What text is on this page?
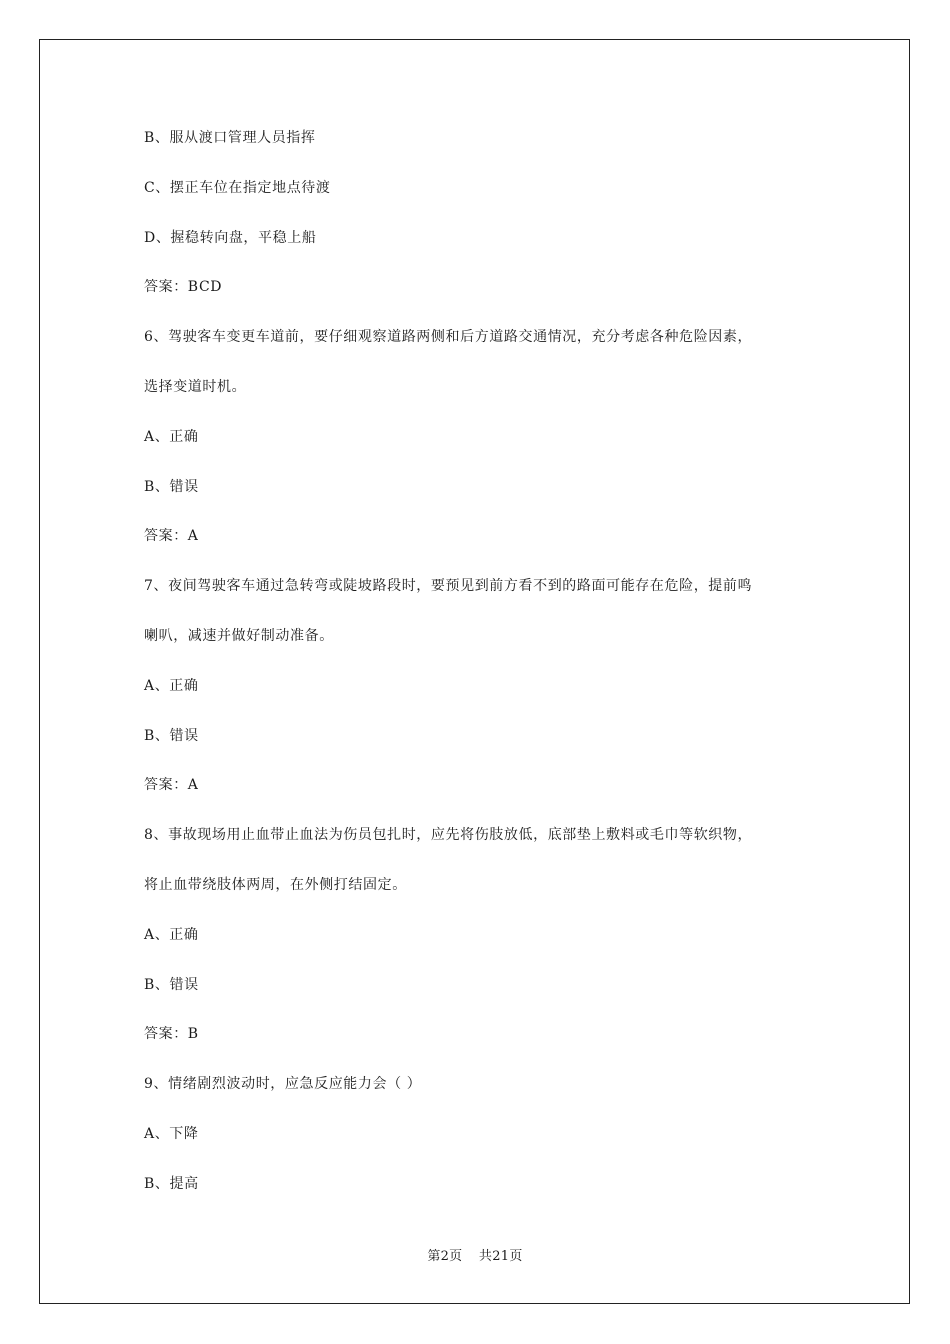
B、服从渡口管理人员指挥

C、摆正车位在指定地点待渡

D、握稳转向盘，平稳上船

答案：BCD

6、驾驶客车变更车道前，要仔细观察道路两侧和后方道路交通情况，充分考虑各种危险因素，

选择变道时机。

A、正确

B、错误

答案：A

7、夜间驾驶客车通过急转弯或陡坡路段时，要预见到前方看不到的路面可能存在危险，提前鸣

喇叭，减速并做好制动准备。

A、正确

B、错误

答案：A

8、事故现场用止血带止血法为伤员包扎时，应先将伤肢放低，底部垫上敷料或毛巾等软织物，

将止血带绕肢体两周，在外侧打结固定。

A、正确

B、错误

答案：B

9、情绪剧烈波动时，应急反应能力会（ ）

A、下降

B、提高

第2页 共21页
